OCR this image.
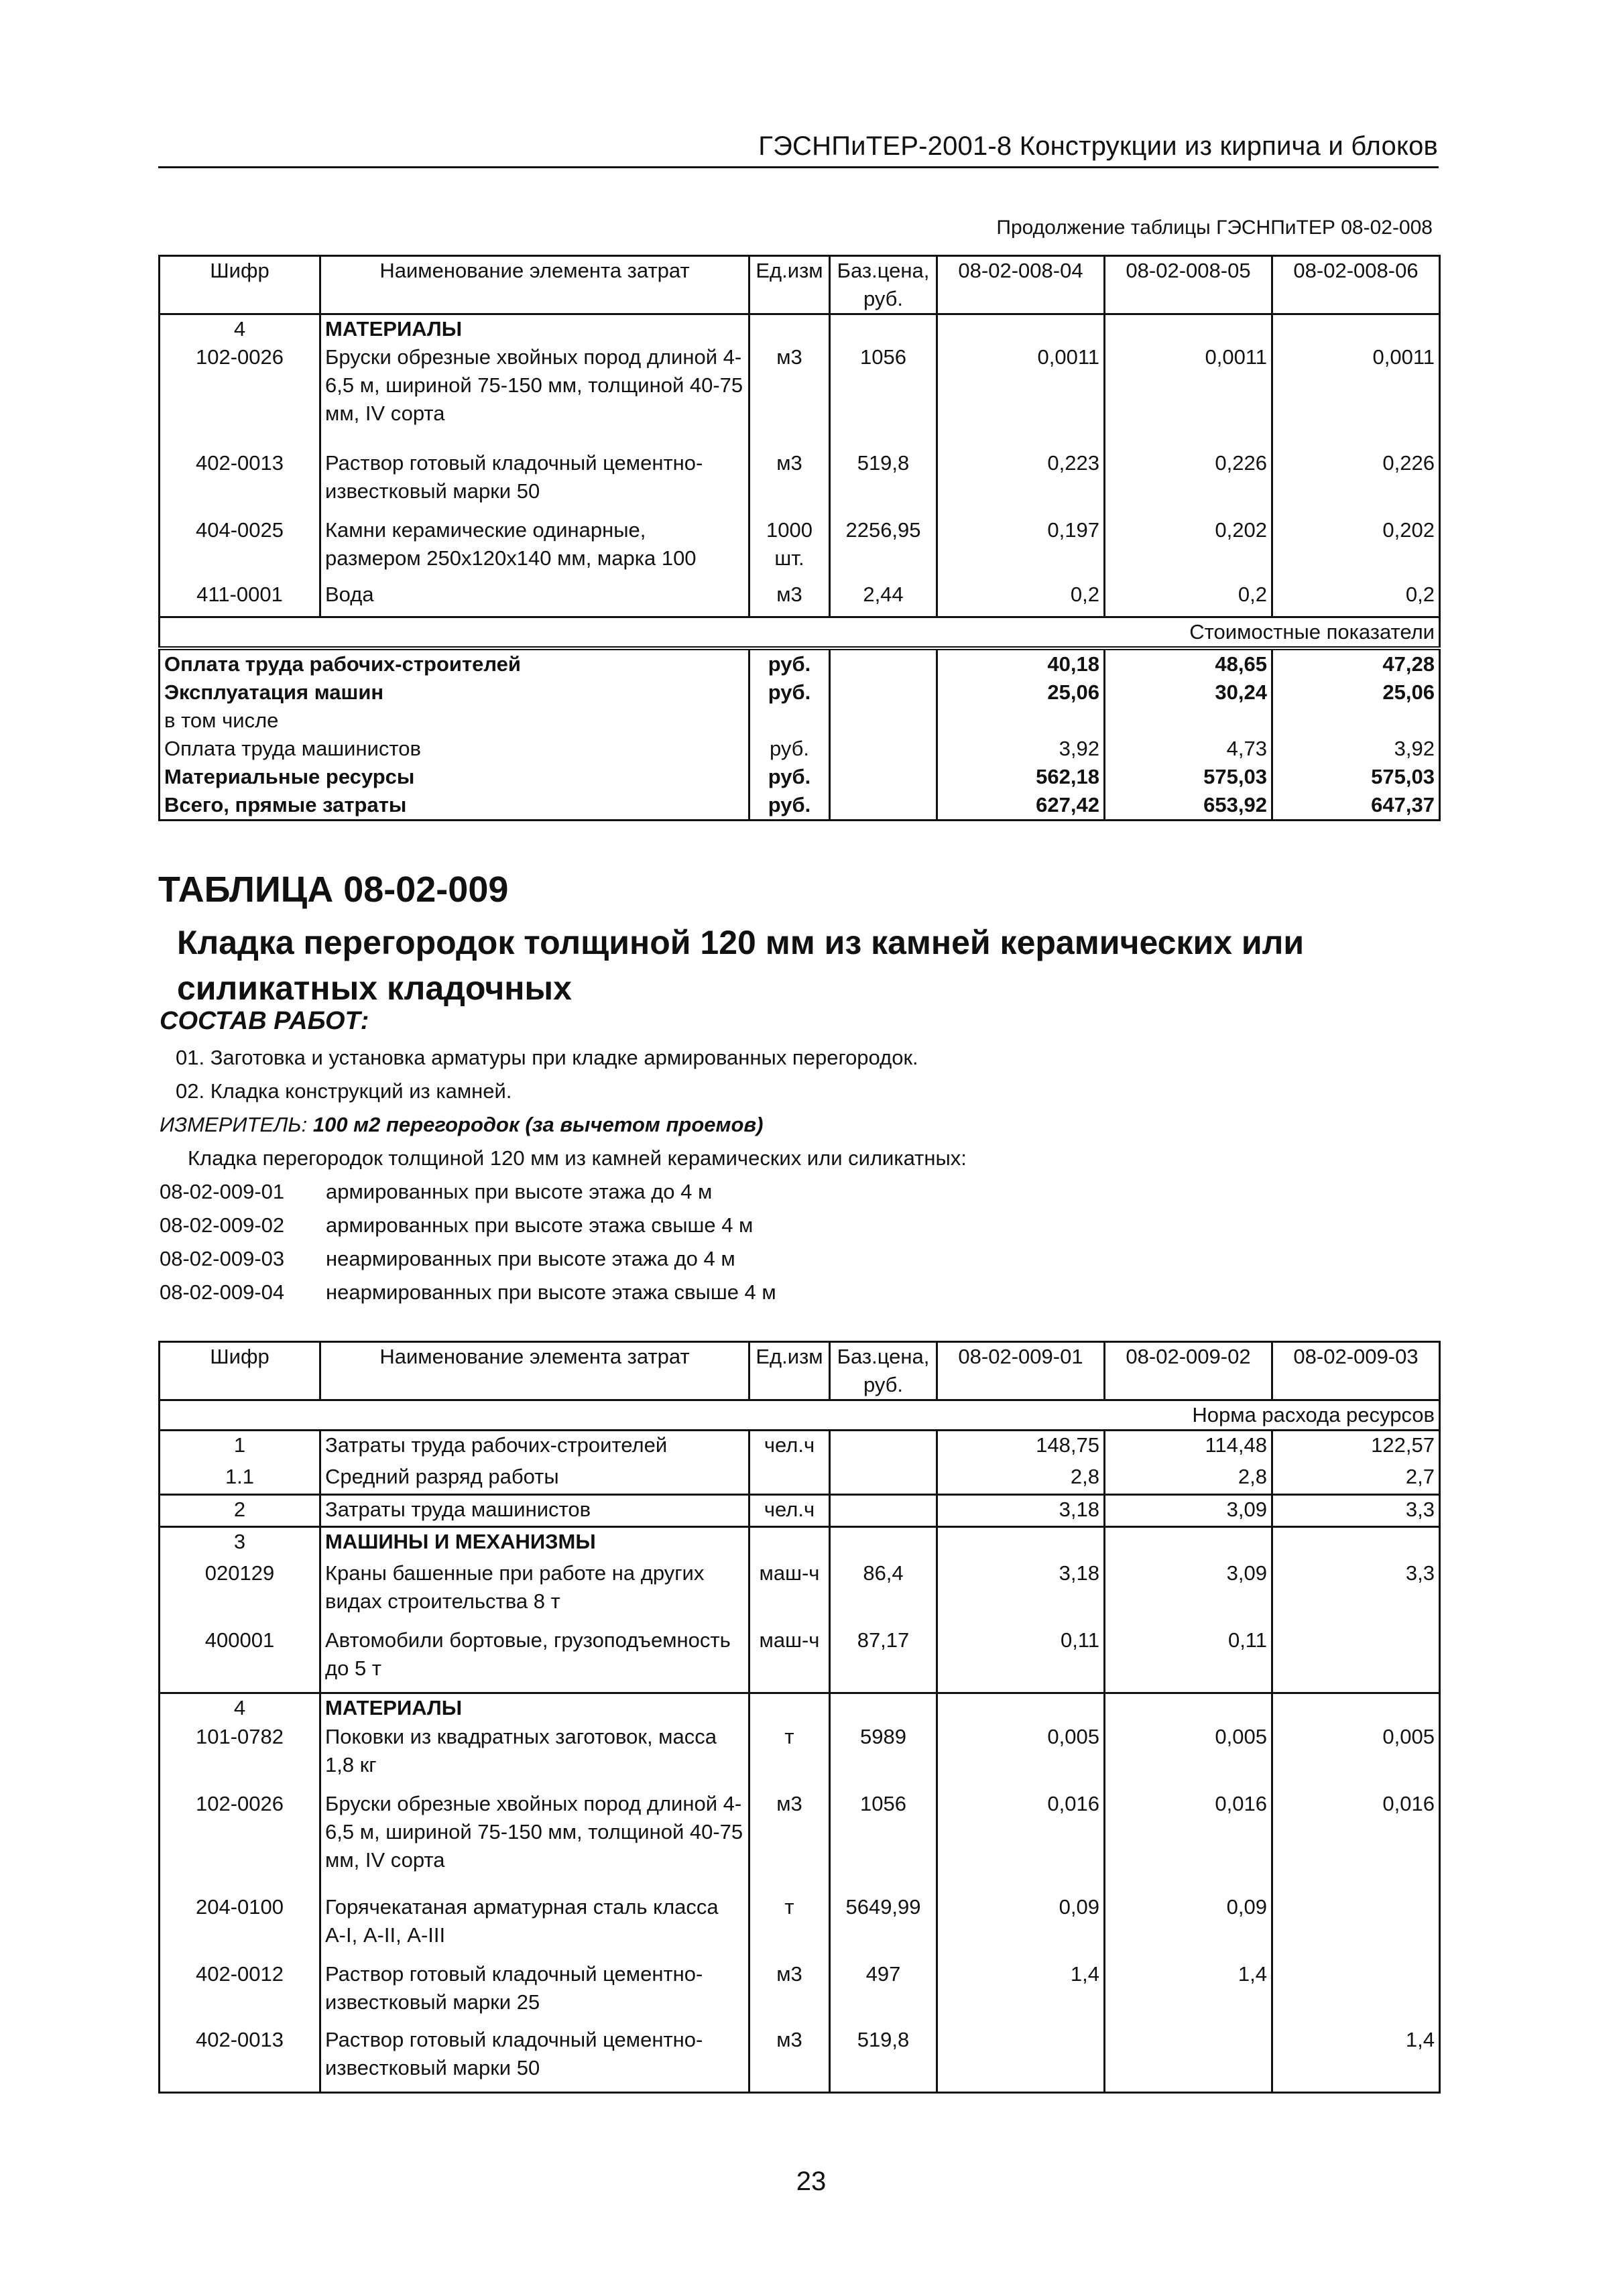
ГЭСНПиТЕР-2001-8 Конструкции из кирпича и блоков
Продолжение таблицы ГЭСНПиТЕР 08-02-008
Шифр	Наименование элемента затрат	Ед.изм	Баз.цена, руб.	08-02-008-04	08-02-008-05	08-02-008-06
4	МАТЕРИАЛЫ					
102-0026	Бруски обрезные хвойных пород длиной 4-6,5 м, шириной 75-150 мм, толщиной 40-75 мм, IV сорта	м3	1056	0,0011	0,0011	0,0011
402-0013	Раствор готовый кладочный цементно-известковый марки 50	м3	519,8	0,223	0,226	0,226
404-0025	Камни керамические одинарные, размером 250x120x140 мм, марка 100	1000 шт.	2256,95	0,197	0,202	0,202
411-0001	Вода	м3	2,44	0,2	0,2	0,2
Стоимостные показатели						
Оплата труда рабочих-строителей		руб.		40,18	48,65	47,28
Эксплуатация машин		руб.		25,06	30,24	25,06
в том числе						
Оплата труда машинистов		руб.		3,92	4,73	3,92
Материальные ресурсы		руб.		562,18	575,03	575,03
Всего, прямые затраты		руб.		627,42	653,92	647,37
ТАБЛИЦА 08-02-009
Кладка перегородок толщиной 120 мм из камней керамических или силикатных кладочных
СОСТАВ РАБОТ:
01. Заготовка и установка арматуры при кладке армированных перегородок.
02. Кладка конструкций из камней.
ИЗМЕРИТЕЛЬ: 100 м2 перегородок (за вычетом проемов)
Кладка перегородок толщиной 120 мм из камней керамических или силикатных:
08-02-009-01 армированных при высоте этажа до 4 м
08-02-009-02 армированных при высоте этажа свыше 4 м
08-02-009-03 неармированных при высоте этажа до 4 м
08-02-009-04 неармированных при высоте этажа свыше 4 м
Шифр	Наименование элемента затрат	Ед.изм	Баз.цена, руб.	08-02-009-01	08-02-009-02	08-02-009-03
Норма расхода ресурсов						
1	Затраты труда рабочих-строителей	чел.ч		148,75	114,48	122,57
1.1	Средний разряд работы			2,8	2,8	2,7
2	Затраты труда машинистов	чел.ч		3,18	3,09	3,3
3	МАШИНЫ И МЕХАНИЗМЫ					
020129	Краны башенные при работе на других видах строительства 8 т	маш-ч	86,4	3,18	3,09	3,3
400001	Автомобили бортовые, грузоподъемность до 5 т	маш-ч	87,17	0,11	0,11	
4	МАТЕРИАЛЫ					
101-0782	Поковки из квадратных заготовок, масса 1,8 кг	т	5989	0,005	0,005	0,005
102-0026	Бруски обрезные хвойных пород длиной 4-6,5 м, шириной 75-150 мм, толщиной 40-75 мм, IV сорта	м3	1056	0,016	0,016	0,016
204-0100	Горячекатаная арматурная сталь класса А-I, А-II, А-III	т	5649,99	0,09	0,09	
402-0012	Раствор готовый кладочный цементно-известковый марки 25	м3	497	1,4	1,4	
402-0013	Раствор готовый кладочный цементно-известковый марки 50	м3	519,8			1,4
23
